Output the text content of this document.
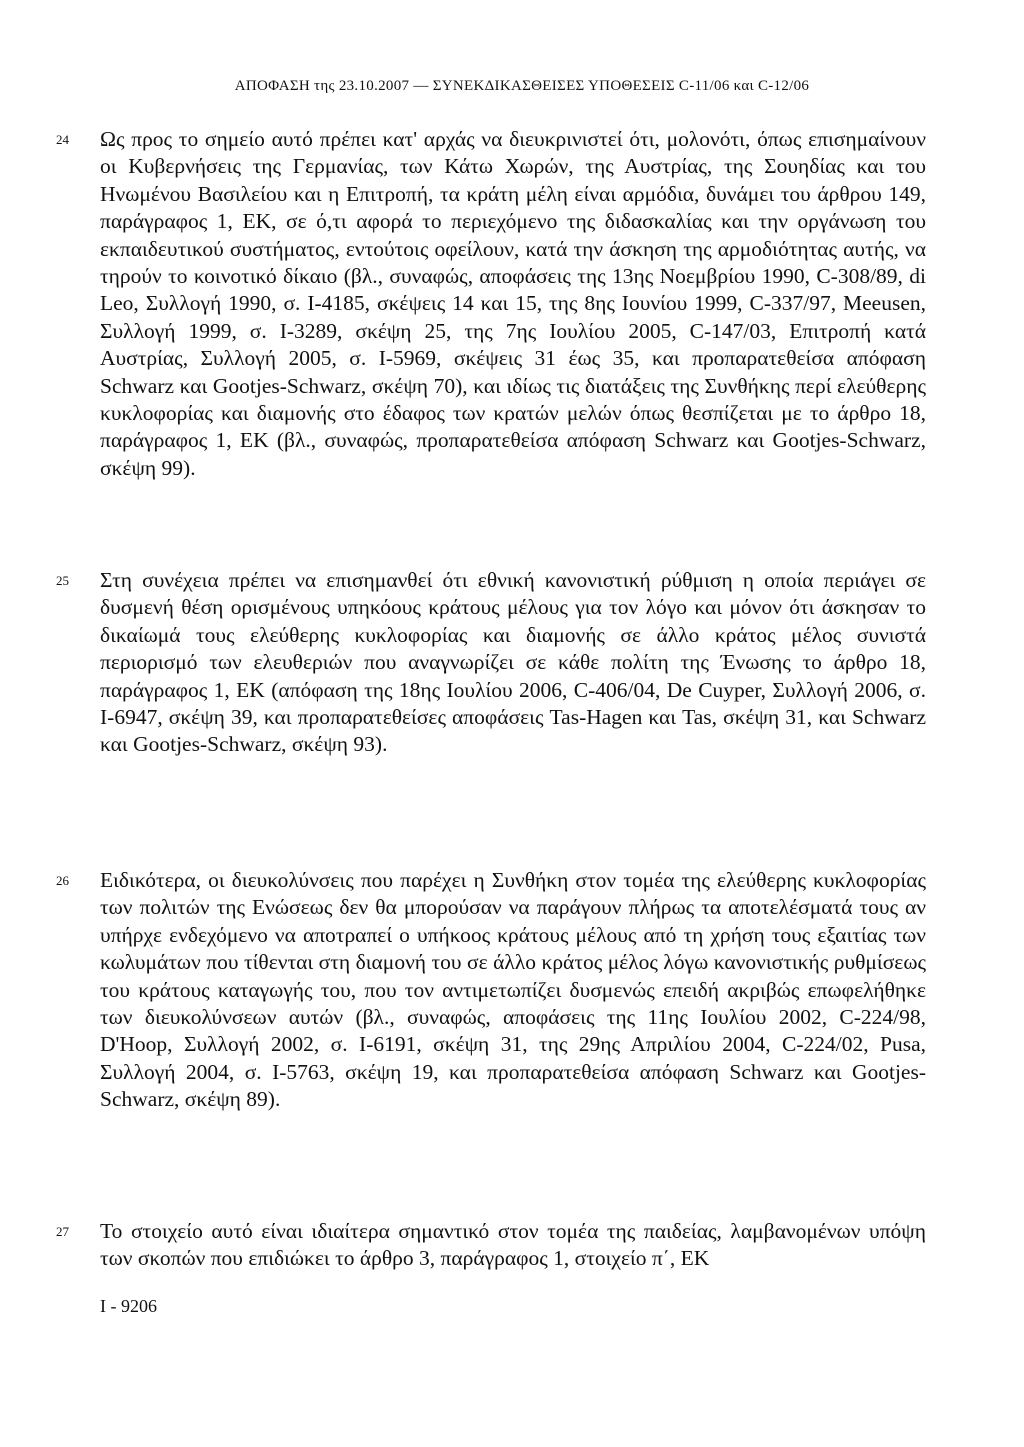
ΑΠΟΦΑΣΗ της 23.10.2007 — ΣΥΝΕΚΔΙΚΑΣΘΕΙΣΕΣ ΥΠΟΘΕΣΕΙΣ C-11/06 και C-12/06
24 Ως προς το σημείο αυτό πρέπει κατ' αρχάς να διευκρινιστεί ότι, μολονότι, όπως επισημαίνουν οι Κυβερνήσεις της Γερμανίας, των Κάτω Χωρών, της Αυστρίας, της Σουηδίας και του Ηνωμένου Βασιλείου και η Επιτροπή, τα κράτη μέλη είναι αρμόδια, δυνάμει του άρθρου 149, παράγραφος 1, ΕΚ, σε ό,τι αφορά το περιεχόμενο της διδασκαλίας και την οργάνωση του εκπαιδευτικού συστήματος, εντούτοις οφείλουν, κατά την άσκηση της αρμοδιότητας αυτής, να τηρούν το κοινοτικό δίκαιο (βλ., συναφώς, αποφάσεις της 13ης Νοεμβρίου 1990, C-308/89, di Leo, Συλλογή 1990, σ. I-4185, σκέψεις 14 και 15, της 8ης Ιουνίου 1999, C-337/97, Meeusen, Συλλογή 1999, σ. I-3289, σκέψη 25, της 7ης Ιουλίου 2005, C-147/03, Επιτροπή κατά Αυστρίας, Συλλογή 2005, σ. I-5969, σκέψεις 31 έως 35, και προπαρατεθείσα απόφαση Schwarz και Gootjes-Schwarz, σκέψη 70), και ιδίως τις διατάξεις της Συνθήκης περί ελεύθερης κυκλοφορίας και διαμονής στο έδαφος των κρατών μελών όπως θεσπίζεται με το άρθρο 18, παράγραφος 1, ΕΚ (βλ., συναφώς, προπαρατεθείσα απόφαση Schwarz και Gootjes-Schwarz, σκέψη 99).

25 Στη συνέχεια πρέπει να επισημανθεί ότι εθνική κανονιστική ρύθμιση η οποία περιάγει σε δυσμενή θέση ορισμένους υπηκόους κράτους μέλους για τον λόγο και μόνον ότι άσκησαν το δικαίωμά τους ελεύθερης κυκλοφορίας και διαμονής σε άλλο κράτος μέλος συνιστά περιορισμό των ελευθεριών που αναγνωρίζει σε κάθε πολίτη της Ένωσης το άρθρο 18, παράγραφος 1, ΕΚ (απόφαση της 18ης Ιουλίου 2006, C-406/04, De Cuyper, Συλλογή 2006, σ. I-6947, σκέψη 39, και προπαρατεθείσες αποφάσεις Tas-Hagen και Tas, σκέψη 31, και Schwarz και Gootjes-Schwarz, σκέψη 93).

26 Ειδικότερα, οι διευκολύνσεις που παρέχει η Συνθήκη στον τομέα της ελεύθερης κυκλοφορίας των πολιτών της Ενώσεως δεν θα μπορούσαν να παράγουν πλήρως τα αποτελέσματά τους αν υπήρχε ενδεχόμενο να αποτραπεί ο υπήκοος κράτους μέλους από τη χρήση τους εξαιτίας των κωλυμάτων που τίθενται στη διαμονή του σε άλλο κράτος μέλος λόγω κανονιστικής ρυθμίσεως του κράτους καταγωγής του, που τον αντιμετωπίζει δυσμενώς επειδή ακριβώς επωφελήθηκε των διευκολύνσεων αυτών (βλ., συναφώς, αποφάσεις της 11ης Ιουλίου 2002, C-224/98, D'Hoop, Συλλογή 2002, σ. I-6191, σκέψη 31, της 29ης Απριλίου 2004, C-224/02, Pusa, Συλλογή 2004, σ. I-5763, σκέψη 19, και προπαρατεθείσα απόφαση Schwarz και Gootjes-Schwarz, σκέψη 89).

27 Το στοιχείο αυτό είναι ιδιαίτερα σημαντικό στον τομέα της παιδείας, λαμβανομένων υπόψη των σκοπών που επιδιώκει το άρθρο 3, παράγραφος 1, στοιχείο π΄, ΕΚ

I - 9206
